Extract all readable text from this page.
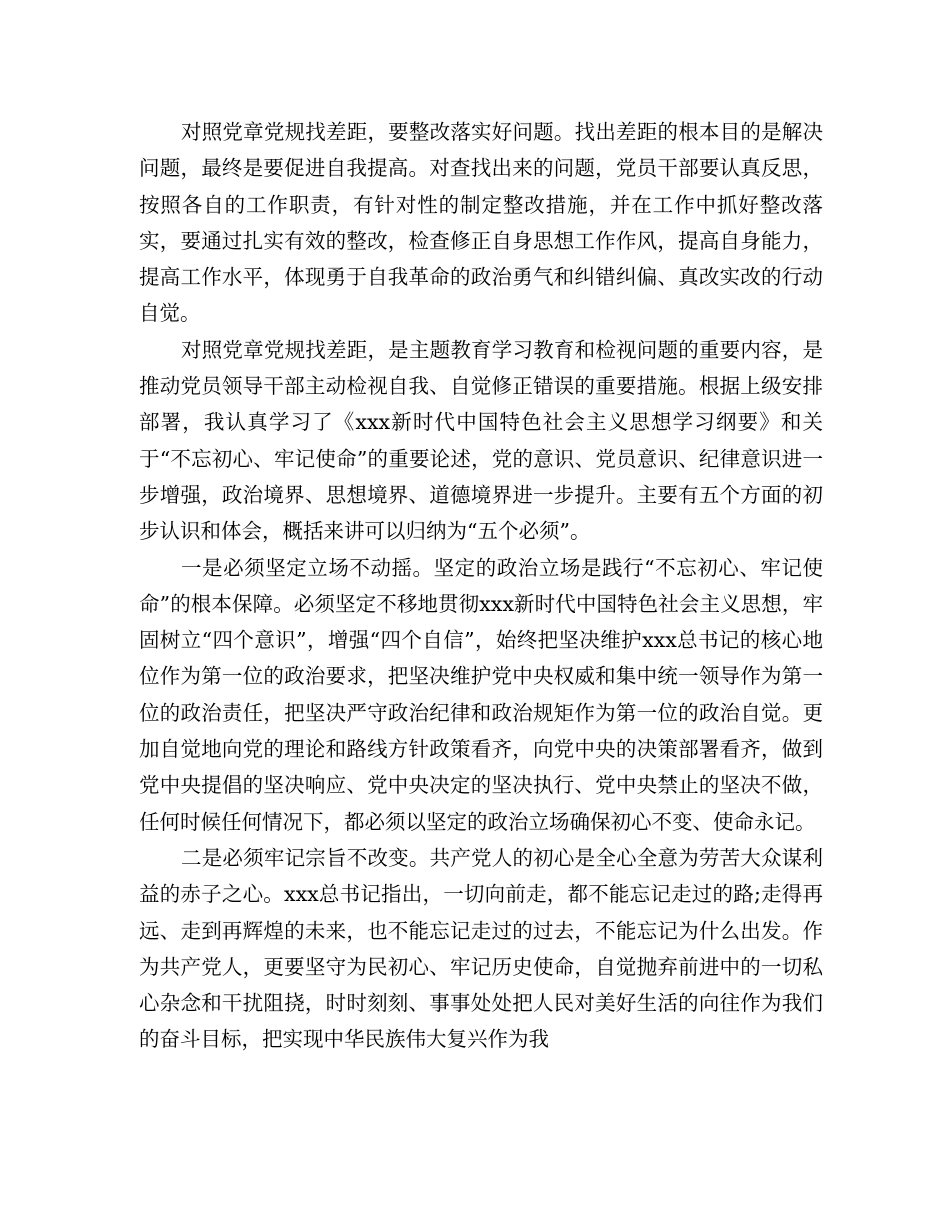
对照党章党规找差距，要整改落实好问题。找出差距的根本目的是解决问题，最终是要促进自我提高。对查找出来的问题，党员干部要认真反思，按照各自的工作职责，有针对性的制定整改措施，并在工作中抓好整改落实，要通过扎实有效的整改，检查修正自身思想工作作风，提高自身能力，提高工作水平，体现勇于自我革命的政治勇气和纠错纠偏、真改实改的行动自觉。

对照党章党规找差距，是主题教育学习教育和检视问题的重要内容，是推动党员领导干部主动检视自我、自觉修正错误的重要措施。根据上级安排部署，我认真学习了《xxx新时代中国特色社会主义思想学习纲要》和关于“不忘初心、牢记使命”的重要论述，党的意识、党员意识、纪律意识进一步增强，政治境界、思想境界、道德境界进一步提升。主要有五个方面的初步认识和体会，概括来讲可以归纳为“五个必须”。

一是必须坚定立场不动摇。坚定的政治立场是践行“不忘初心、牢记使命”的根本保障。必须坚定不移地贯彻xxx新时代中国特色社会主义思想，牢固树立“四个意识”，增强“四个自信”，始终把坚决维护xxx总书记的核心地位作为第一位的政治要求，把坚决维护党中央权威和集中统一领导作为第一位的政治责任，把坚决严守政治纪律和政治规矩作为第一位的政治自觉。更加自觉地向党的理论和路线方针政策看齐，向党中央的决策部署看齐，做到党中央提倡的坚决响应、党中央决定的坚决执行、党中央禁止的坚决不做，任何时候任何情况下，都必须以坚定的政治立场确保初心不变、使命永记。

二是必须牢记宗旨不改变。共产党人的初心是全心全意为劳苦大众谋利益的赤子之心。xxx总书记指出，一切向前走，都不能忘记走过的路;走得再远、走到再辉煌的未来，也不能忘记走过的过去，不能忘记为什么出发。作为共产党人，更要坚守为民初心、牢记历史使命，自觉抛弃前进中的一切私心杂念和干扰阻挠，时时刻刻、事事处处把人民对美好生活的向往作为我们的奋斗目标，把实现中华民族伟大复兴作为我
